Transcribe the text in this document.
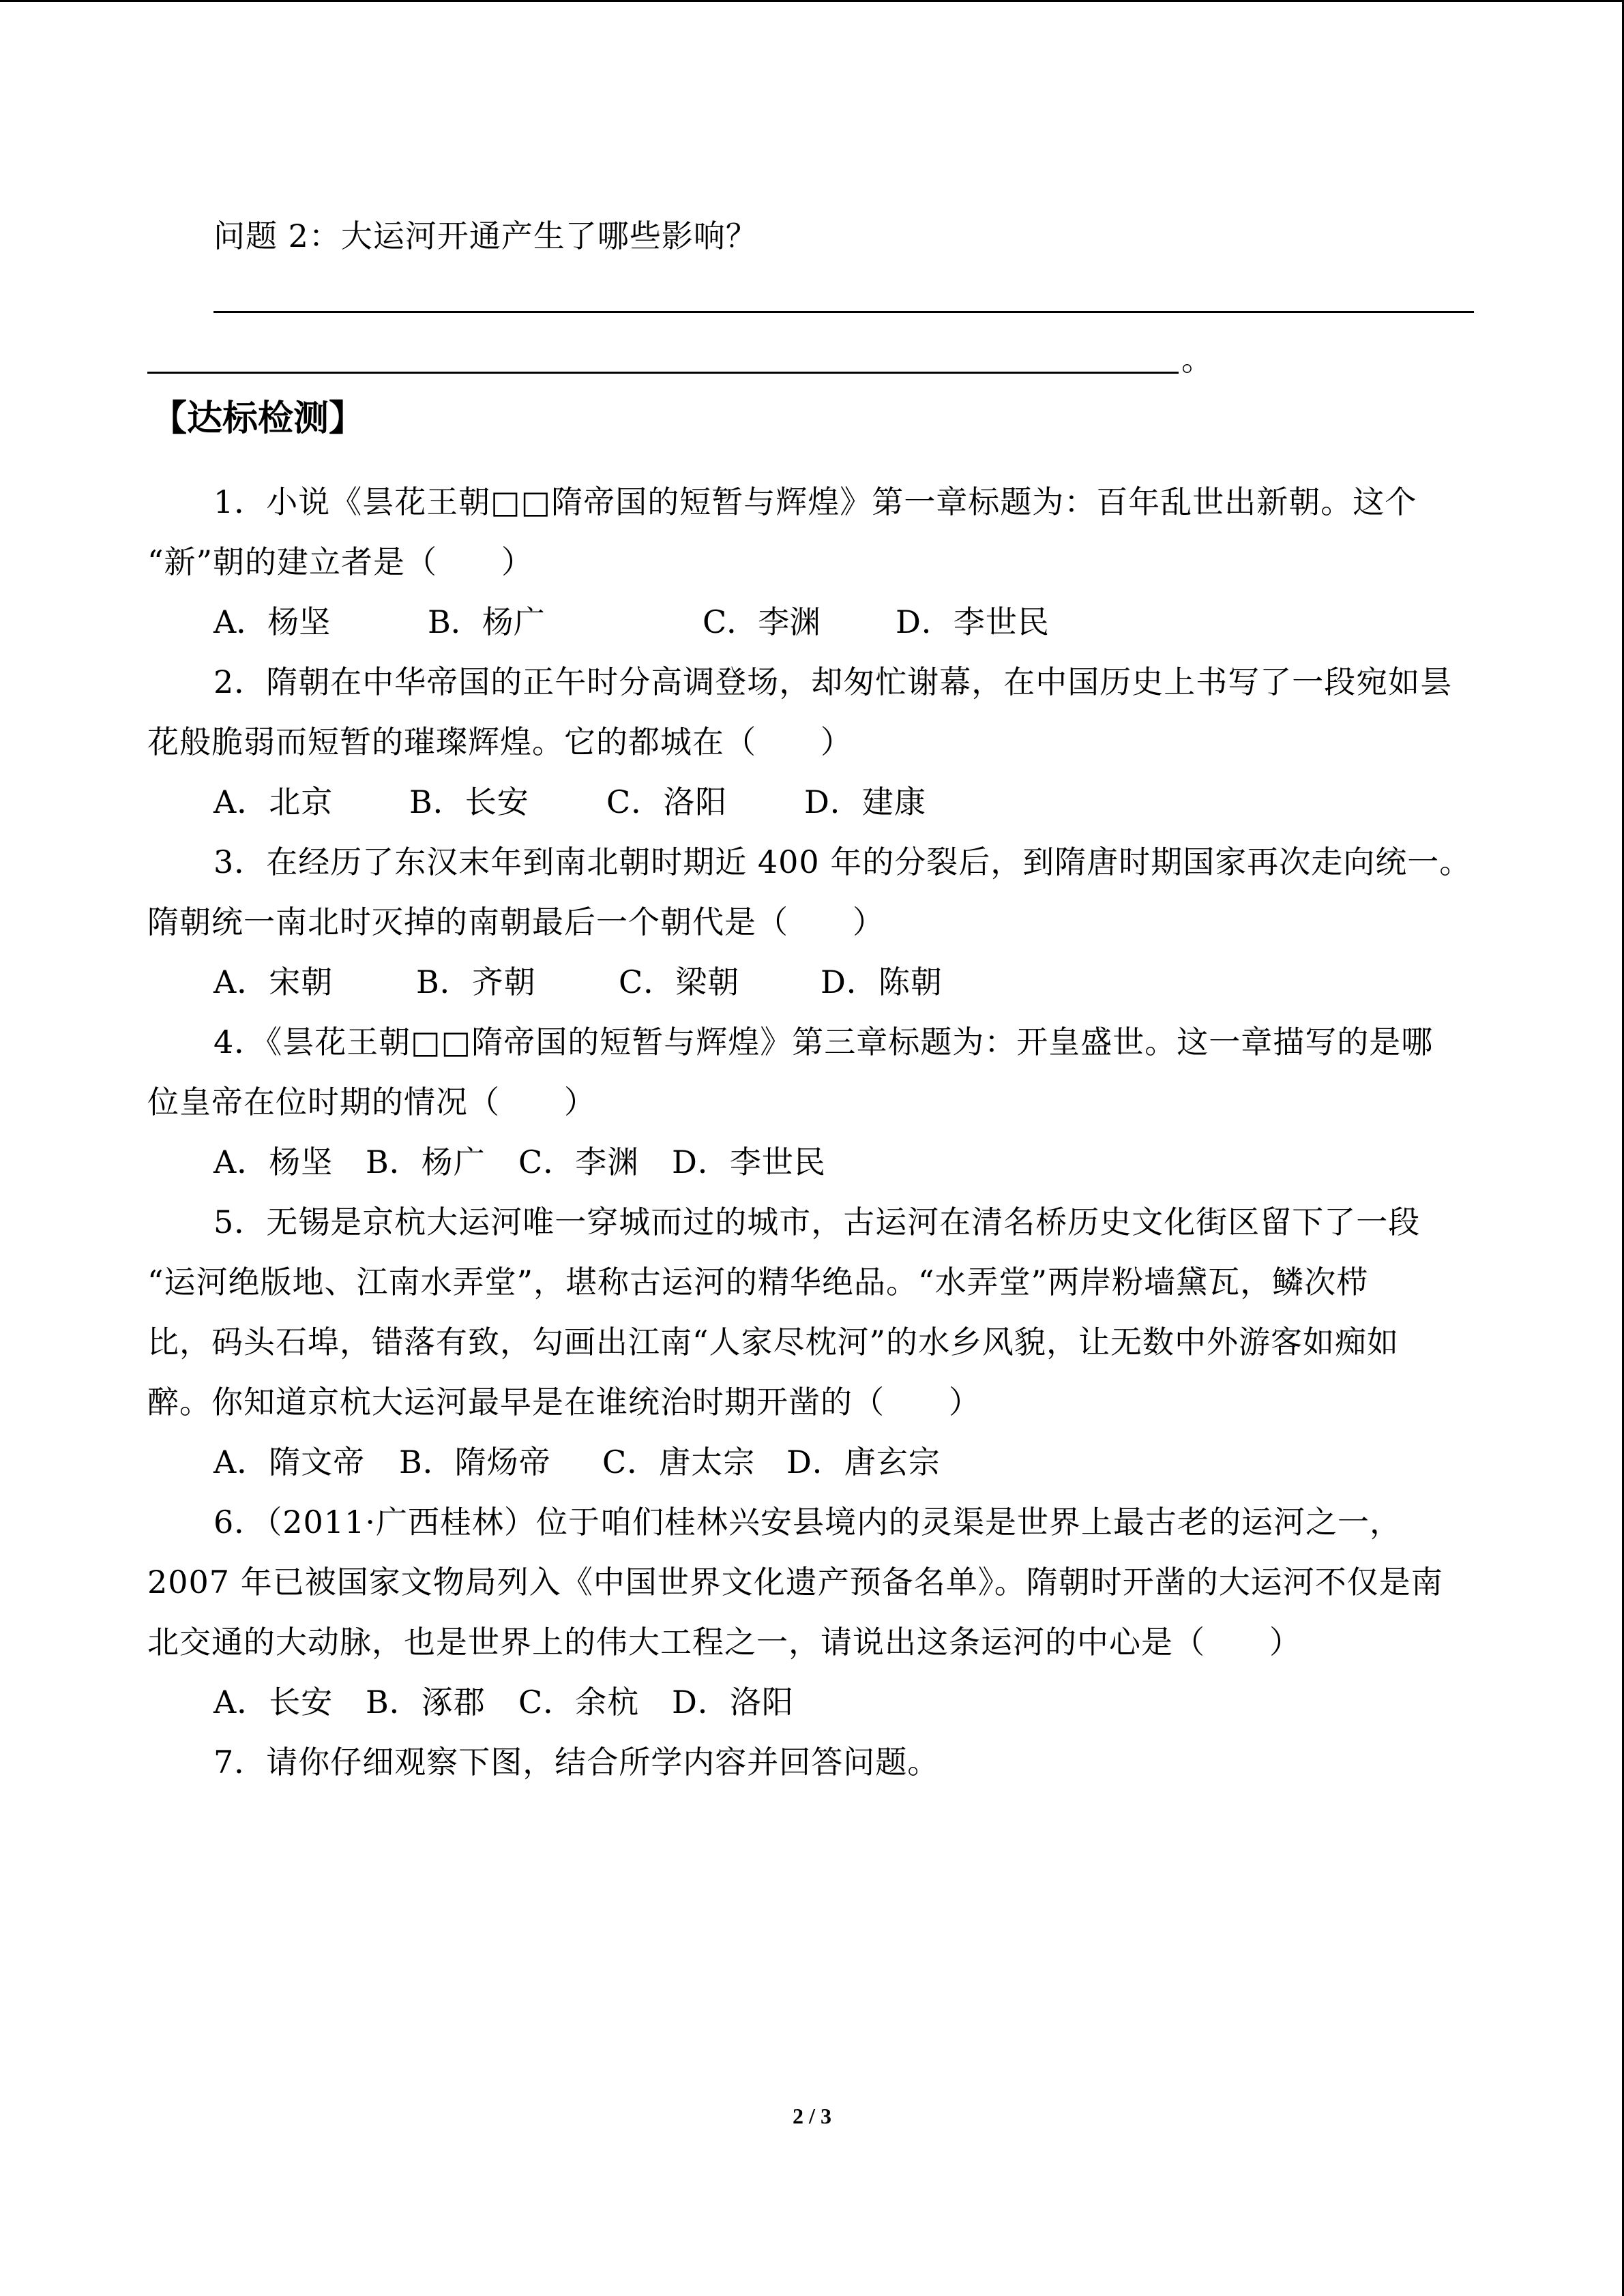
问题 2：大运河开通产生了哪些影响？
。
【达标检测】
1．小说《昙花王朝□□隋帝国的短暂与辉煌》第一章标题为：百年乱世出新朝。这个
“新”朝的建立者是（　　）
D．李世民
2．隋朝在中华帝国的正午时分高调登场，却匆忙谢幕，在中国历史上书写了一段宛如昙
花般脆弱而短暂的璀璨辉煌。它的都城在（　　）
A．北京 B．长安 C．洛阳 D．建康
3．在经历了东汉末年到南北朝时期近 400 年的分裂后，到隋唐时期国家再次走向统一。
隋朝统一南北时灭掉的南朝最后一个朝代是（　　）
A．宋朝	B．齐朝	C．梁朝	D．陈朝
4．《昙花王朝□□隋帝国的短暂与辉煌》第三章标题为：开皇盛世。这一章描写的是哪
位皇帝在位时期的情况（　　）
A．杨坚 B．杨广 C．李渊 D．李世民
5．无锡是京杭大运河唯一穿城而过的城市，古运河在清名桥历史文化街区留下了一段
“运河绝版地、江南水弄堂”，堪称古运河的精华绝品。“水弄堂”两岸粉墙黛瓦，鳞次栉
比，码头石埠，错落有致，勾画出江南“人家尽枕河”的水乡风貌，让无数中外游客如痴如
醉。你知道京杭大运河最早是在谁统治时期开凿的（　　）
A．隋文帝 B．隋炀帝 C．唐太宗 D．唐玄宗
6．（2011·广西桂林）位于咱们桂林兴安县境内的灵渠是世界上最古老的运河之一，
2007 年已被国家文物局列入《中国世界文化遗产预备名单》。隋朝时开凿的大运河不仅是南
北交通的大动脉，也是世界上的伟大工程之一，请说出这条运河的中心是（　　）
A．长安 B．涿郡 C．余杭 D．洛阳
7．请你仔细观察下图，结合所学内容并回答问题。
2 / 3
A．杨坚	B．杨广	C．李渊
